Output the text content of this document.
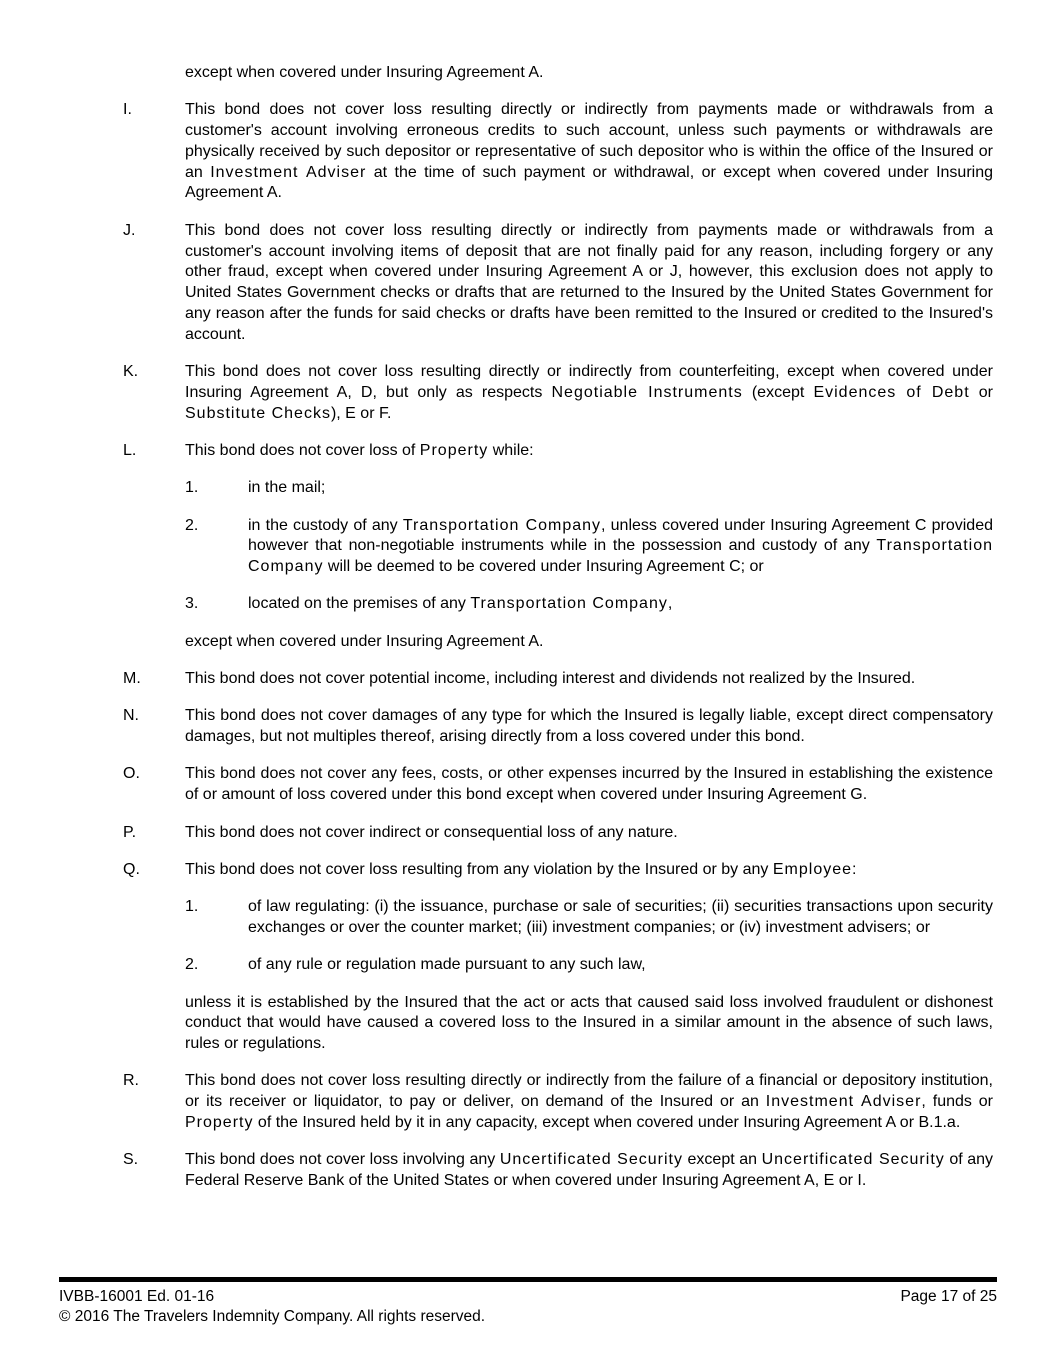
except when covered under Insuring Agreement A.

I.	This bond does not cover loss resulting directly or indirectly from payments made or withdrawals from a customer's account involving erroneous credits to such account, unless such payments or withdrawals are physically received by such depositor or representative of such depositor who is within the office of the Insured or an Investment Adviser at the time of such payment or withdrawal, or except when covered under Insuring Agreement A.

J.	This bond does not cover loss resulting directly or indirectly from payments made or withdrawals from a customer's account involving items of deposit that are not finally paid for any reason, including forgery or any other fraud, except when covered under Insuring Agreement A or J, however, this exclusion does not apply to United States Government checks or drafts that are returned to the Insured by the United States Government for any reason after the funds for said checks or drafts have been remitted to the Insured or credited to the Insured's account.

K.	This bond does not cover loss resulting directly or indirectly from counterfeiting, except when covered under Insuring Agreement A, D, but only as respects Negotiable Instruments (except Evidences of Debt or Substitute Checks), E or F.

L.	This bond does not cover loss of Property while:

1.	in the mail;

2.	in the custody of any Transportation Company, unless covered under Insuring Agreement C provided however that non-negotiable instruments while in the possession and custody of any Transportation Company will be deemed to be covered under Insuring Agreement C; or

3.	located on the premises of any Transportation Company,

except when covered under Insuring Agreement A.

M.	This bond does not cover potential income, including interest and dividends not realized by the Insured.

N.	This bond does not cover damages of any type for which the Insured is legally liable, except direct compensatory damages, but not multiples thereof, arising directly from a loss covered under this bond.

O.	This bond does not cover any fees, costs, or other expenses incurred by the Insured in establishing the existence of or amount of loss covered under this bond except when covered under Insuring Agreement G.

P.	This bond does not cover indirect or consequential loss of any nature.

Q.	This bond does not cover loss resulting from any violation by the Insured or by any Employee:

1.	of law regulating: (i) the issuance, purchase or sale of securities; (ii) securities transactions upon security exchanges or over the counter market; (iii) investment companies; or (iv) investment advisers; or

2.	of any rule or regulation made pursuant to any such law,

unless it is established by the Insured that the act or acts that caused said loss involved fraudulent or dishonest conduct that would have caused a covered loss to the Insured in a similar amount in the absence of such laws, rules or regulations.

R.	This bond does not cover loss resulting directly or indirectly from the failure of a financial or depository institution, or its receiver or liquidator, to pay or deliver, on demand of the Insured or an Investment Adviser, funds or Property of the Insured held by it in any capacity, except when covered under Insuring Agreement A or B.1.a.

S.	This bond does not cover loss involving any Uncertificated Security except an Uncertificated Security of any Federal Reserve Bank of the United States or when covered under Insuring Agreement A, E or I.

IVBB-16001 Ed. 01-16	Page 17 of 25
© 2016 The Travelers Indemnity Company. All rights reserved.
